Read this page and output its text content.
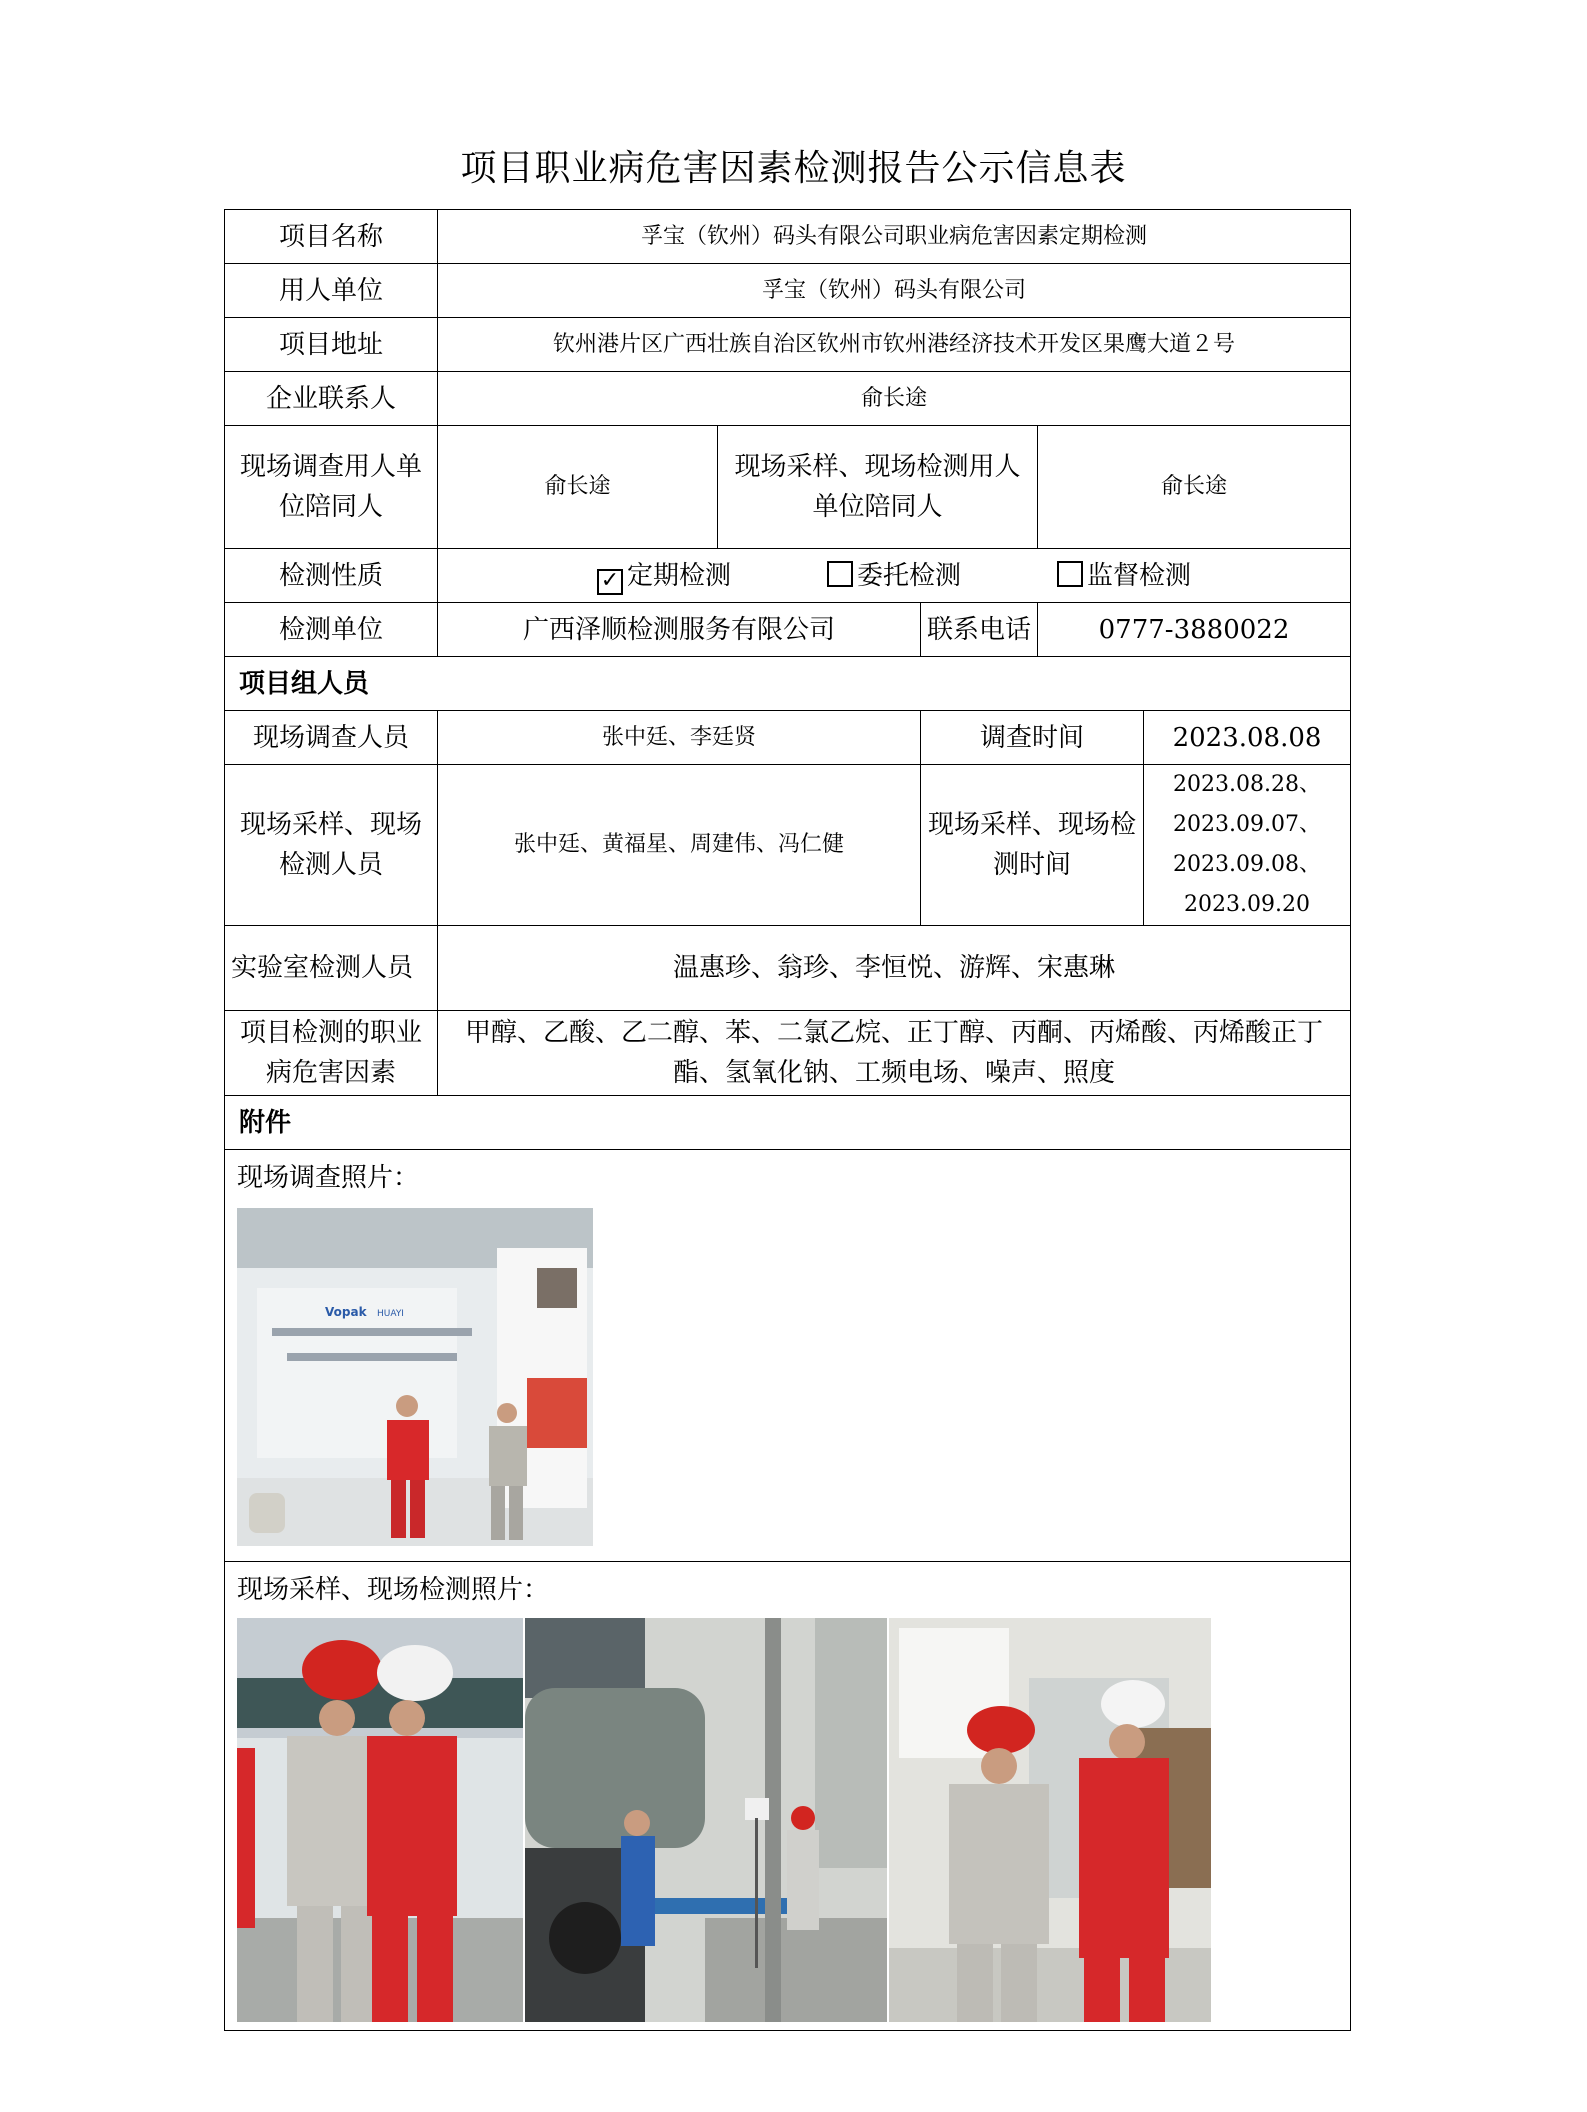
项目职业病危害因素检测报告公示信息表
项目名称	孚宝（钦州）码头有限公司职业病危害因素定期检测				
用人单位	孚宝（钦州）码头有限公司				
项目地址	钦州港片区广西壮族自治区钦州市钦州港经济技术开发区果鹰大道２号				
企业联系人	俞长途				
现场调查用人单位陪同人	俞长途	现场采样、现场检测用人单位陪同人		俞长途	
检测性质	✓ 定期检测 委托检测 监督检测				
检测单位	广西泽顺检测服务有限公司		联系电话	0777-3880022	
项目组人员					
现场调查人员	张中廷、李廷贤		调查时间		2023.08.08
现场采样、现场检测人员	张中廷、黄福星、周建伟、冯仁健		现场采样、现场检测时间		2023.08.28、2023.09.07、
2023.09.08、2023.09.20

实验室检测人员	温惠珍、翁珍、李恒悦、游辉、宋惠琳				
项目检测的职业病危害因素	甲醇、乙酸、乙二醇、苯、二氯乙烷、正丁醇、丙酮、丙烯酸、丙烯酸正丁酯、氢氧化钠、工频电场、噪声、照度				
附件					

现场调查照片：
Vopak HUAYI					

现场采样、现场检测照片：					
